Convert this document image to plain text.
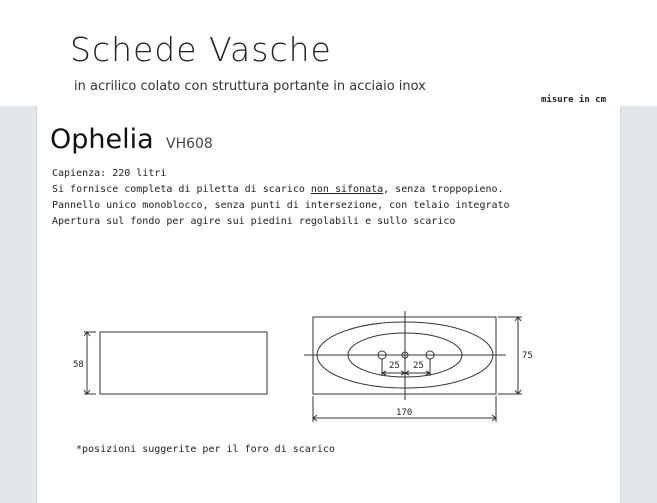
Schede Vasche
in acrilico colato con struttura portante in acciaio inox
misure in cm
Ophelia VH608
Capienza: 220 litri
Si fornisce completa di piletta di scarico non sifonata, senza troppopieno.
Pannello unico monoblocco, senza punti di intersezione, con telaio integrato
Apertura sul fondo per agire sui piedini regolabili e sullo scarico
58
75
170
25 25
*posizioni suggerite per il foro di scarico
